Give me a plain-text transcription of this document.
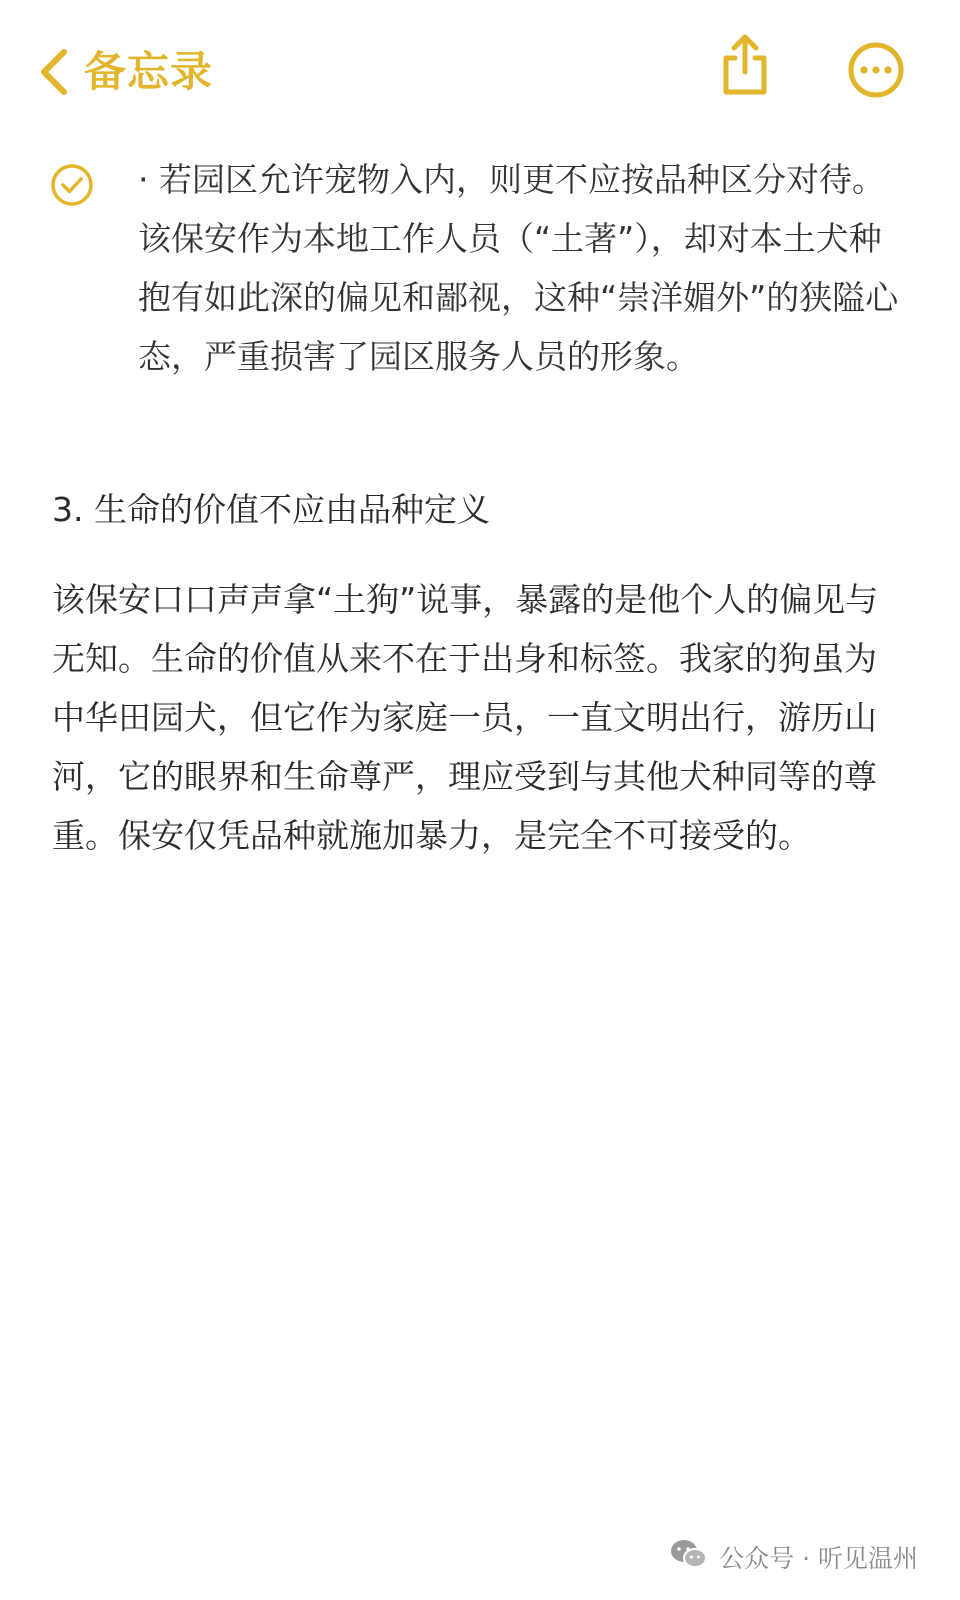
备忘录

· 若园区允许宠物入内，则更不应按品种区分对待。该保安作为本地工作人员（“土著”），却对本土犬种抱有如此深的偏见和鄙视，这种“崇洋媚外”的狭隘心态，严重损害了园区服务人员的形象。

3. 生命的价值不应由品种定义

该保安口口声声拿“土狗”说事，暴露的是他个人的偏见与无知。生命的价值从来不在于出身和标签。我家的狗虽为中华田园犬，但它作为家庭一员，一直文明出行，游历山河，它的眼界和生命尊严，理应受到与其他犬种同等的尊重。保安仅凭品种就施加暴力，是完全不可接受的。

公众号 · 听见温州
